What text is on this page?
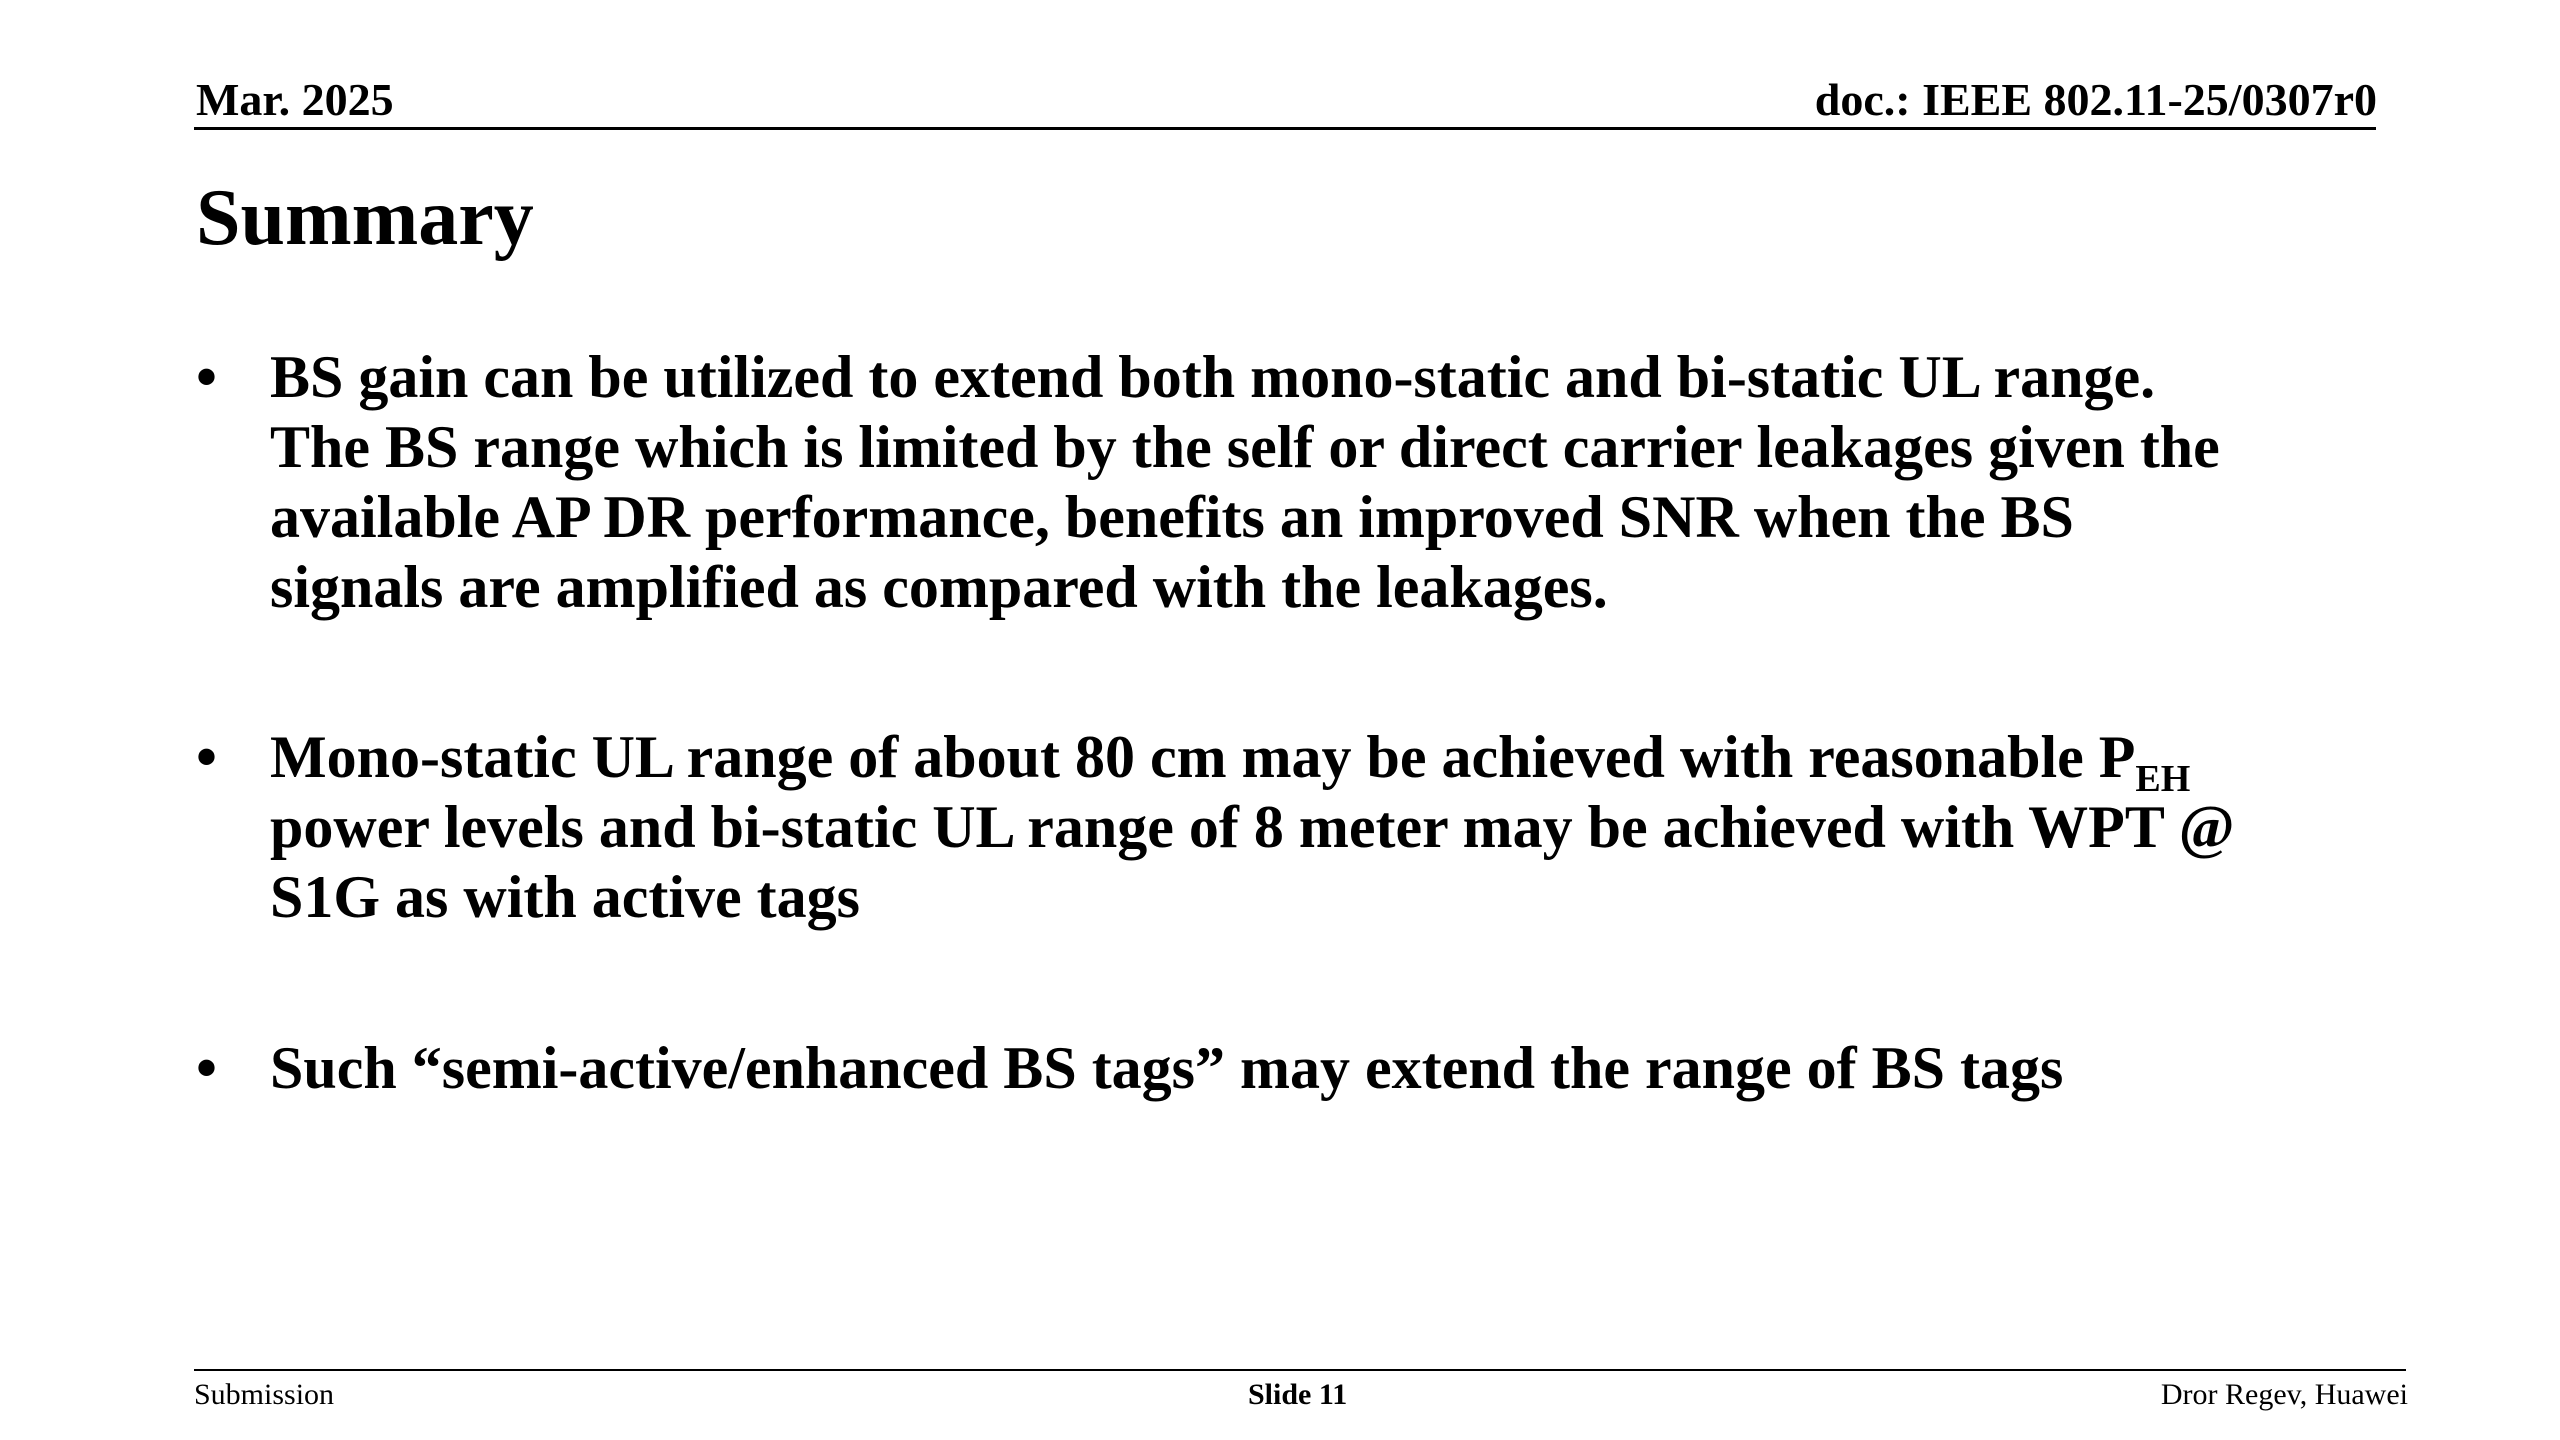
Mar. 2025	doc.: IEEE 802.11-25/0307r0
Summary
• BS gain can be utilized to extend both mono-static and bi-static UL range.
The BS range which is limited by the self or direct carrier leakages given the
available AP DR performance, benefits an improved SNR when the BS
signals are amplified as compared with the leakages.
• Mono-static UL range of about 80 cm may be achieved with reasonable $P_{EH}$
power levels and bi-static UL range of 8 meter may be achieved with WPT @
S1G as with active tags
• Such “semi-active/enhanced BS tags” may extend the range of BS tags
Submission	Slide 11	Dror Regev, Huawei
